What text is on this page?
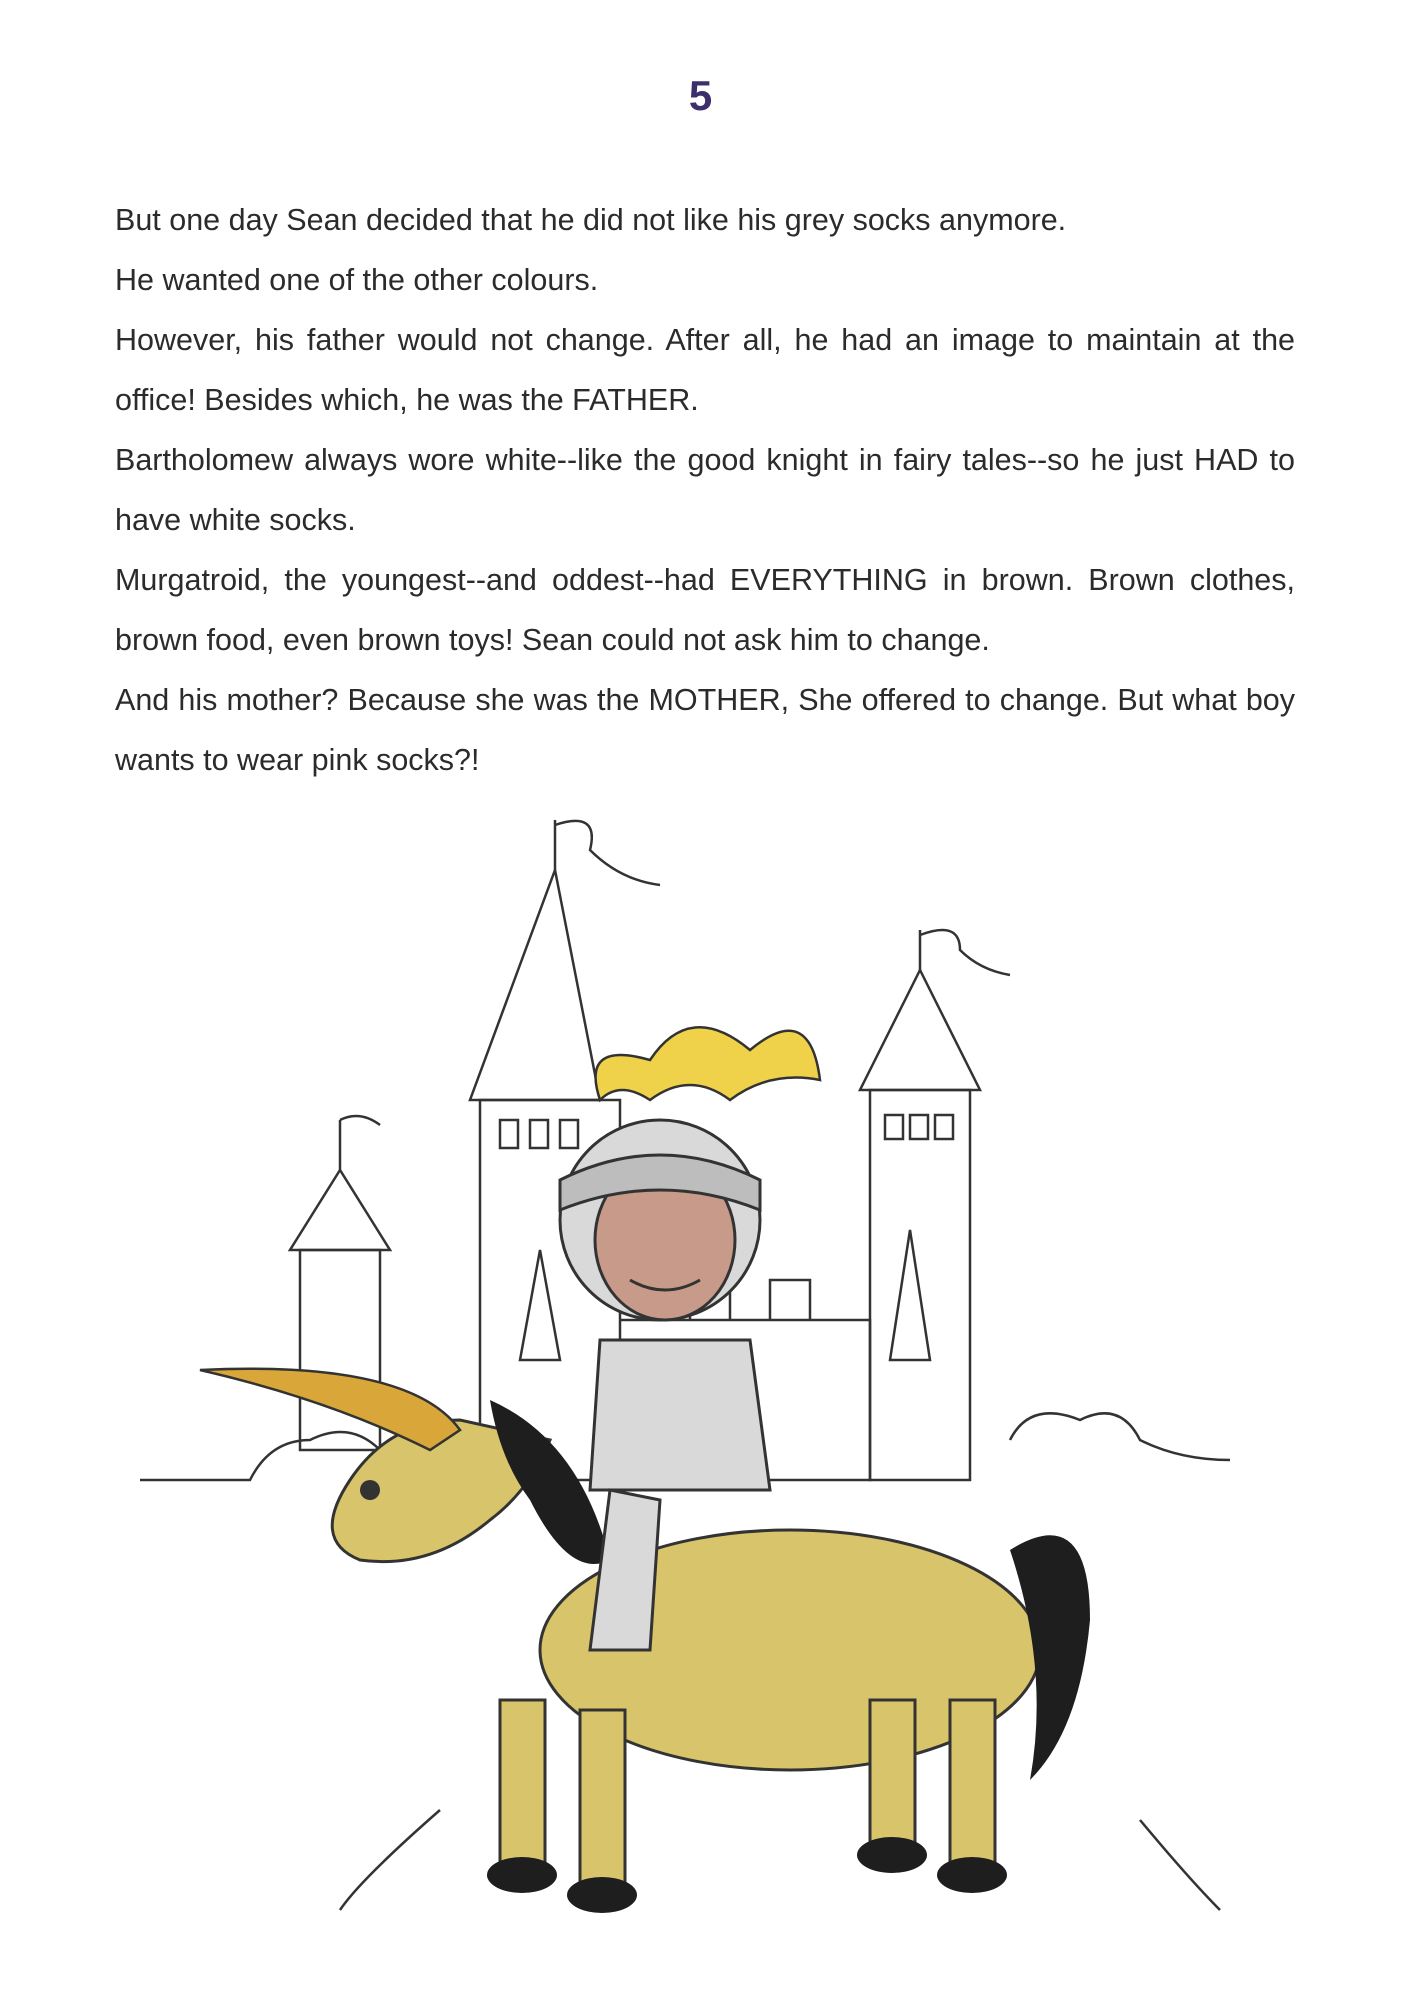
5

But one day Sean decided that he did not like his grey socks anymore.

He wanted one of the other colours.

However, his father would not change. After all, he had an image to maintain at the office! Besides which, he was the FATHER.

Bartholomew always wore white--like the good knight in fairy tales--so he just HAD to have white socks.

Murgatroid, the youngest--and oddest--had EVERYTHING in brown. Brown clothes, brown food, even brown toys! Sean could not ask him to change.

And his mother? Because she was the MOTHER, She offered to change. But what boy wants to wear pink socks?!
